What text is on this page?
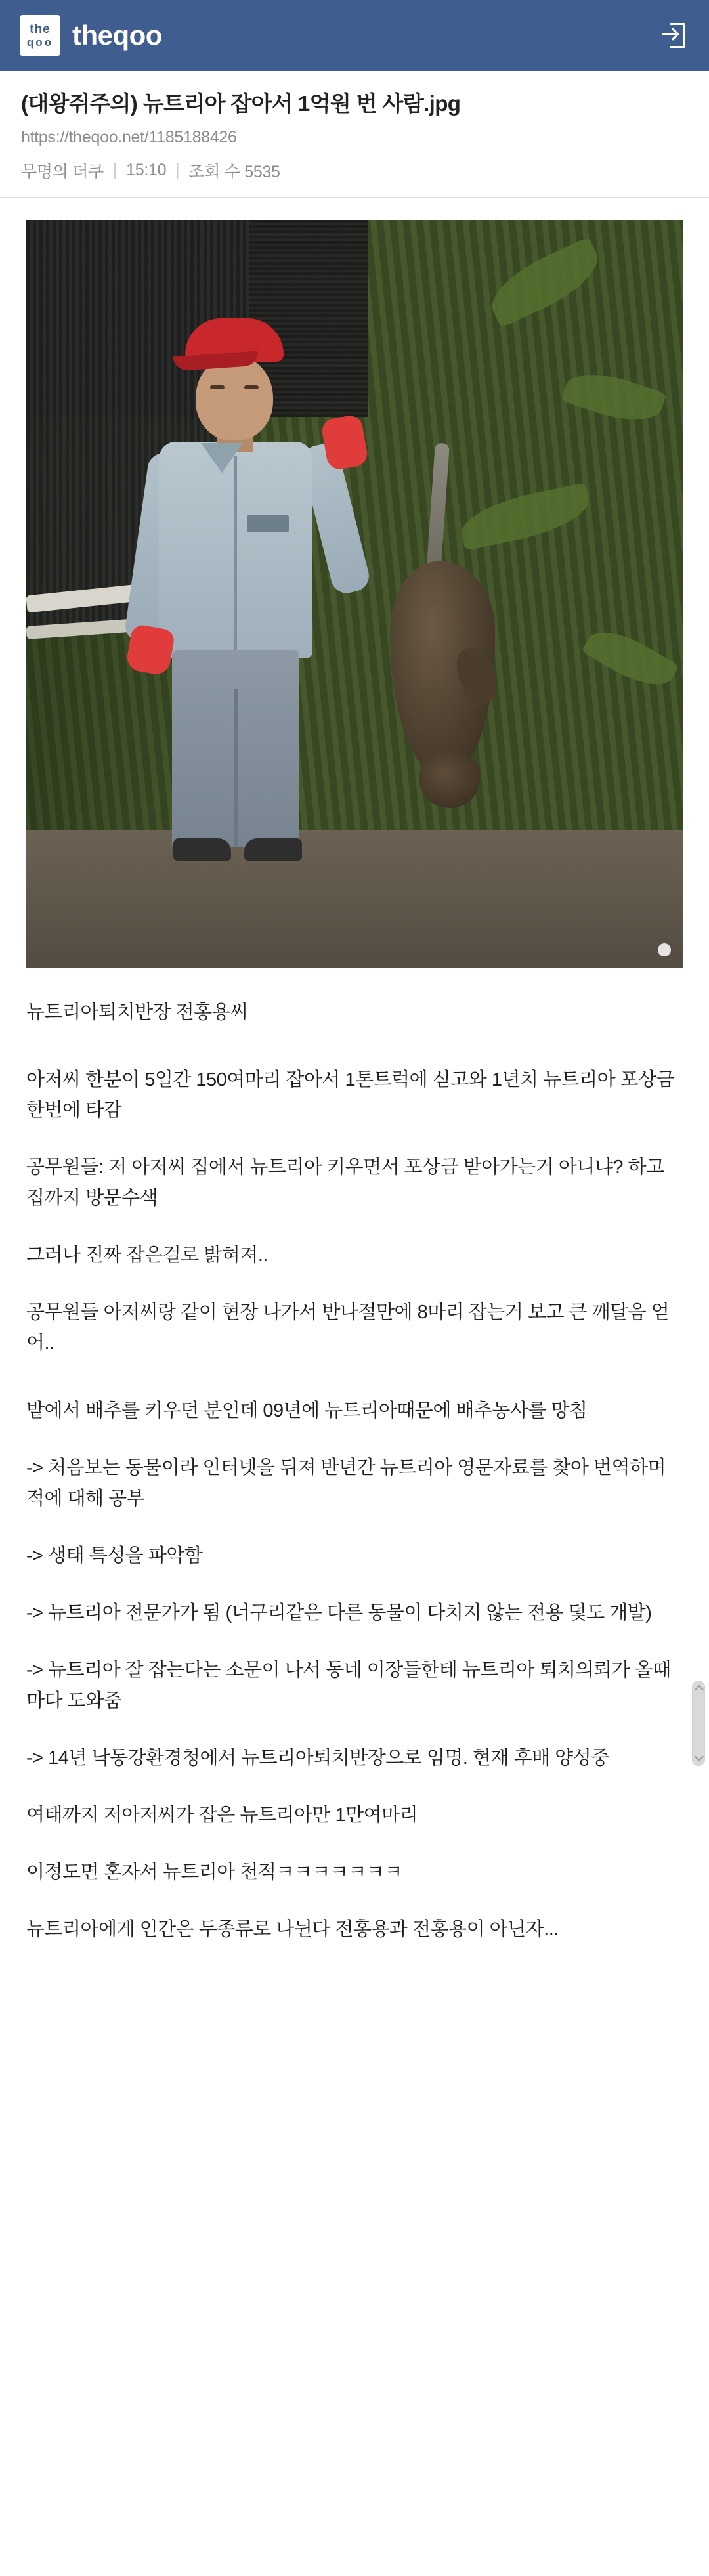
the
qoo theqoo
(대왕쥐주의) 뉴트리아 잡아서 1억원 번 사람.jpg
https://theqoo.net/1185188426
무명의 더쿠 | 15:10 | 조회 수 5535

뉴트리아퇴치반장 전홍용씨

아저씨 한분이 5일간 150여마리 잡아서 1톤트럭에 싣고와 1년치 뉴트리아 포상금 한번에 타감

공무원들: 저 아저씨 집에서 뉴트리아 키우면서 포상금 받아가는거 아니냐? 하고 집까지 방문수색

그러나 진짜 잡은걸로 밝혀져..

공무원들 아저씨랑 같이 현장 나가서 반나절만에 8마리 잡는거 보고 큰 깨달음 얻어..

밭에서 배추를 키우던 분인데 09년에 뉴트리아때문에 배추농사를 망침

-> 처음보는 동물이라 인터넷을 뒤져 반년간 뉴트리아 영문자료를 찾아 번역하며 적에 대해 공부

-> 생태 특성을 파악함

-> 뉴트리아 전문가가 됨 (너구리같은 다른 동물이 다치지 않는 전용 덫도 개발)

-> 뉴트리아 잘 잡는다는 소문이 나서 동네 이장들한테 뉴트리아 퇴치의뢰가 올때마다 도와줌

-> 14년 낙동강환경청에서 뉴트리아퇴치반장으로 임명. 현재 후배 양성중

여태까지 저아저씨가 잡은 뉴트리아만 1만여마리

이정도면 혼자서 뉴트리아 천적ㅋㅋㅋㅋㅋㅋㅋ

뉴트리아에게 인간은 두종류로 나뉜다 전홍용과 전홍용이 아닌자...
